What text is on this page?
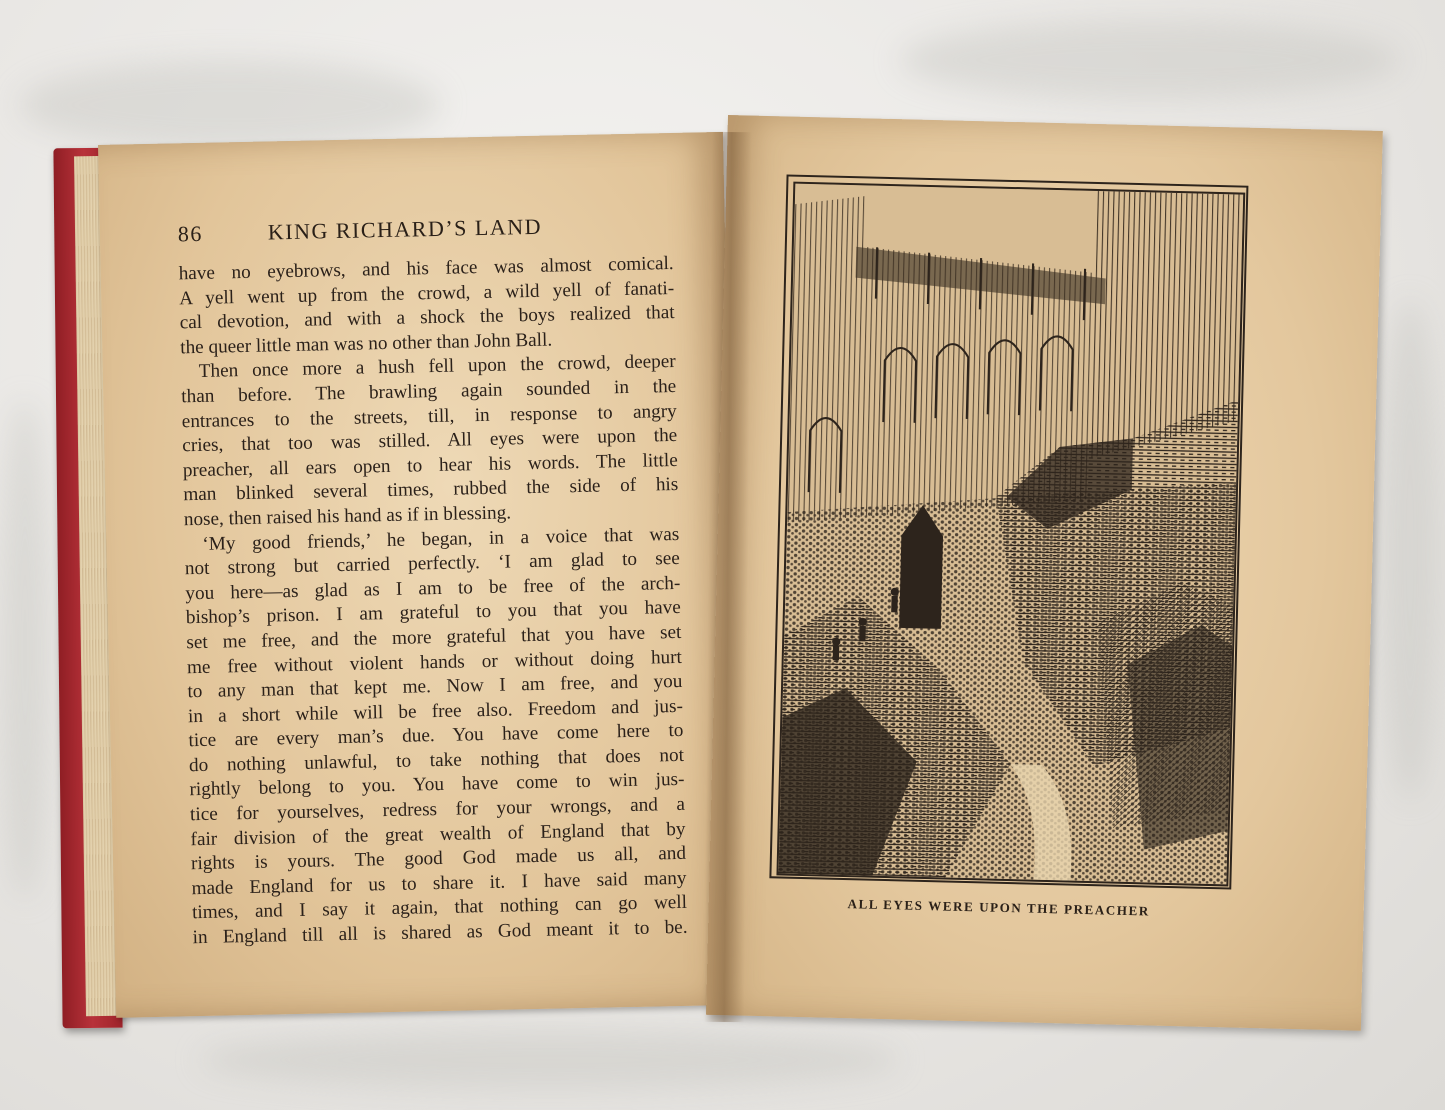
86	KING RICHARD’S LAND
have no eyebrows, and his face was almost comical.
A yell went up from the crowd, a wild yell of fanati-
cal devotion, and with a shock the boys realized that
the queer little man was no other than John Ball.
Then once more a hush fell upon the crowd, deeper
than before. The brawling again sounded in the
entrances to the streets, till, in response to angry
cries, that too was stilled. All eyes were upon the
preacher, all ears open to hear his words. The little
man blinked several times, rubbed the side of his
nose, then raised his hand as if in blessing.
‘My good friends,’ he began, in a voice that was
not strong but carried perfectly. ‘I am glad to see
you here—as glad as I am to be free of the arch-
bishop’s prison. I am grateful to you that you have
set me free, and the more grateful that you have set
me free without violent hands or without doing hurt
to any man that kept me. Now I am free, and you
in a short while will be free also. Freedom and jus-
tice are every man’s due. You have come here to
do nothing unlawful, to take nothing that does not
rightly belong to you. You have come to win jus-
tice for yourselves, redress for your wrongs, and a
fair division of the great wealth of England that by
rights is yours. The good God made us all, and
made England for us to share it. I have said many
times, and I say it again, that nothing can go well
in England till all is shared as God meant it to be.
ALL EYES WERE UPON THE PREACHER
